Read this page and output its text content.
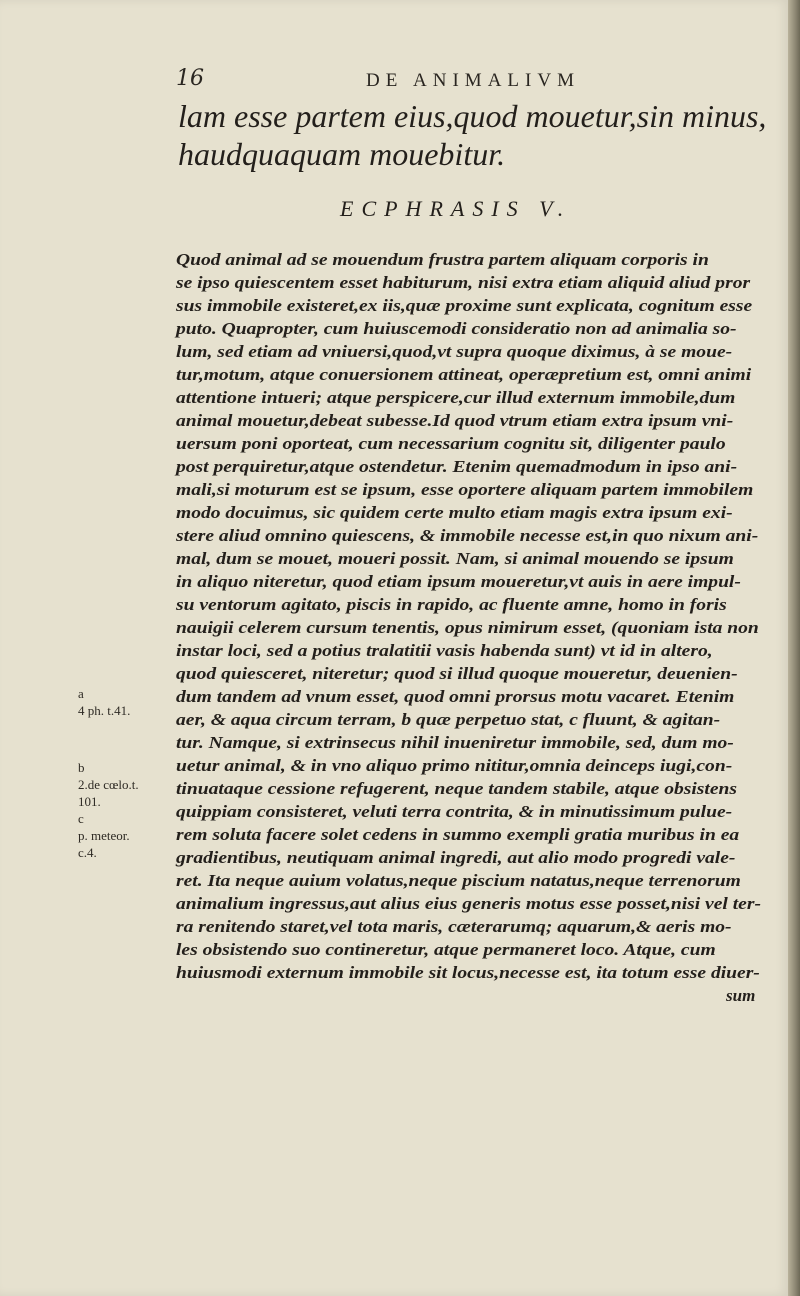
16	DE ANIMALIVM
lam esse partem eius,quod mouetur,sin minus,
haudquaquam mouebitur.
ECPHRASIS V.
Quod animal ad se mouendum frustra partem aliquam corporis in
se ipso quiescentem esset habiturum, nisi extra etiam aliquid aliud pror
sus immobile existeret,ex iis,quæ proxime sunt explicata, cognitum esse
puto. Quapropter, cum huiuscemodi consideratio non ad animalia so-
lum, sed etiam ad vniuersi,quod,vt supra quoque diximus, à se moue-
tur,motum, atque conuersionem attineat, operæpretium est, omni animi
attentione intueri; atque perspicere,cur illud externum immobile,dum
animal mouetur,debeat subesse.Id quod vtrum etiam extra ipsum vni-
uersum poni oporteat, cum necessarium cognitu sit, diligenter paulo
post perquiretur,atque ostendetur. Etenim quemadmodum in ipso ani-
mali,si moturum est se ipsum, esse oportere aliquam partem immobilem
modo docuimus, sic quidem certe multo etiam magis extra ipsum exi-
stere aliud omnino quiescens, & immobile necesse est,in quo nixum ani-
mal, dum se mouet, moueri possit. Nam, si animal mouendo se ipsum
in aliquo niteretur, quod etiam ipsum moueretur,vt auis in aere impul-
su ventorum agitato, piscis in rapido, ac fluente amne, homo in foris
nauigii celerem cursum tenentis, opus nimirum esset, (quoniam ista non
instar loci, sed a potius tralatitii vasis habenda sunt) vt id in altero,
quod quiesceret, niteretur; quod si illud quoque moueretur, deuenien-
dum tandem ad vnum esset, quod omni prorsus motu vacaret. Etenim
aer, & aqua circum terram, b quæ perpetuo stat, c fluunt, & agitan-
tur. Namque, si extrinsecus nihil inueniretur immobile, sed, dum mo-
uetur animal, & in vno aliquo primo nititur,omnia deinceps iugi,con-
tinuataque cessione refugerent, neque tandem stabile, atque obsistens
quippiam consisteret, veluti terra contrita, & in minutissimum pulue-
rem soluta facere solet cedens in summo exempli gratia muribus in ea
gradientibus, neutiquam animal ingredi, aut alio modo progredi vale-
ret. Ita neque auium volatus,neque piscium natatus,neque terrenorum
animalium ingressus,aut alius eius generis motus esse posset,nisi vel ter-
ra renitendo staret,vel tota maris, cæterarumq; aquarum,& aeris mo-
les obsistendo suo contineretur, atque permaneret loco. Atque, cum
huiusmodi externum immobile sit locus,necesse est, ita totum esse diuer-
sum
a
4 ph. t.41.
b
2.de cœlo.t.
101.
c
p. meteor.
c.4.
